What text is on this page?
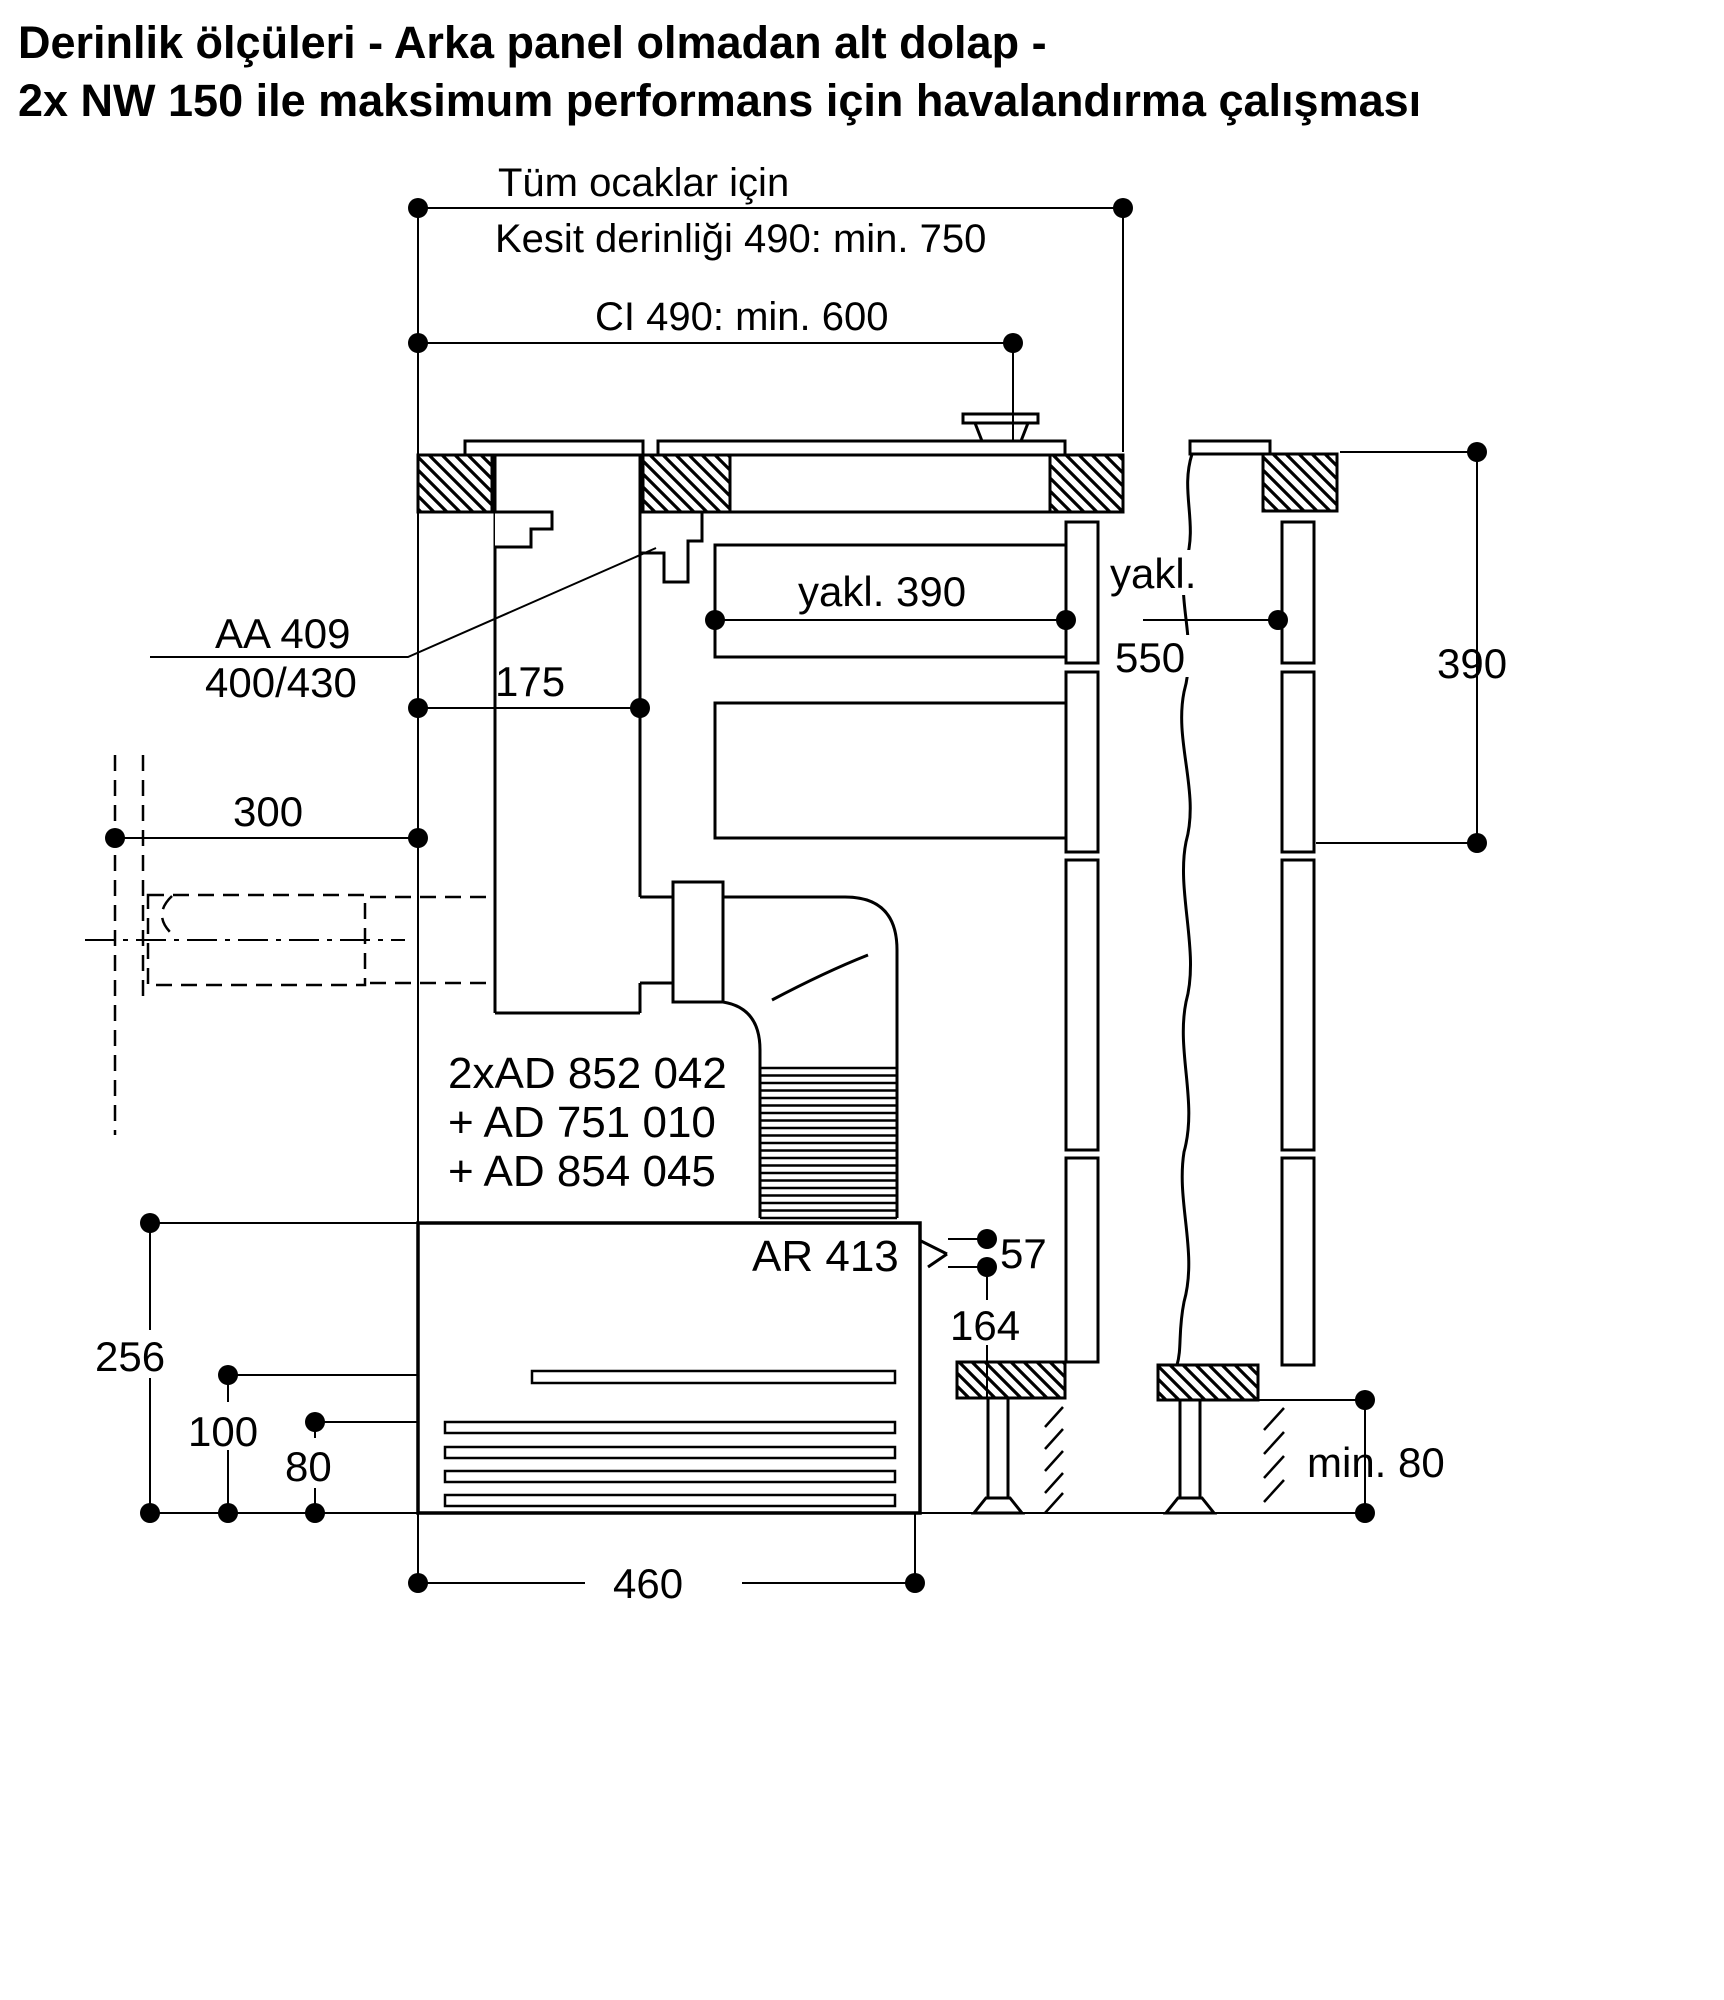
Derinlik ölçüleri - Arka panel olmadan alt dolap -
2x NW 150 ile maksimum performans için havalandırma çalışması
Tüm ocaklar için
Kesit derinliği 490: min. 750
CI 490: min. 600
AA 409
400/430	175
300
yakl. 390	yakl.
550	390
2xAD 852 042
+ AD 751 010
+ AD 854 045
AR 413 57
164
256
100
80
460
min. 80
